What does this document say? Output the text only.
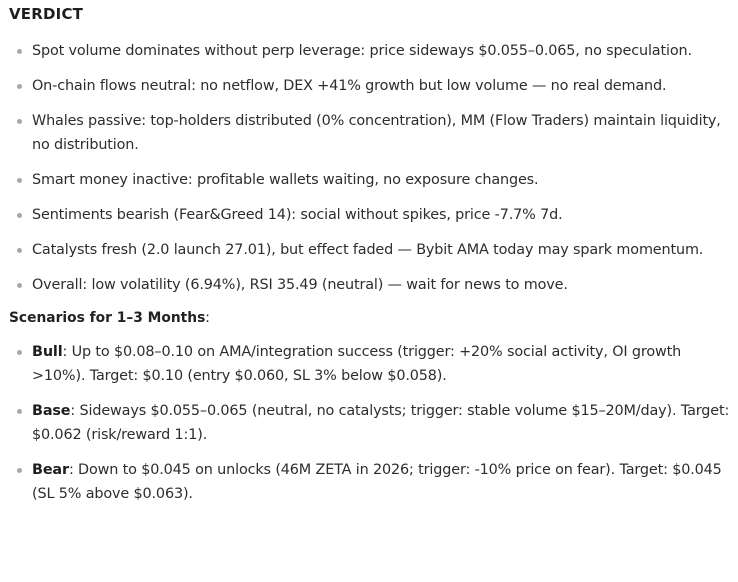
VERDICT
Spot volume dominates without perp leverage: price sideways $0.055–0.065, no speculation.
On-chain flows neutral: no netflow, DEX +41% growth but low volume — no real demand.
Whales passive: top-holders distributed (0% concentration), MM (Flow Traders) maintain liquidity, no distribution.
Smart money inactive: profitable wallets waiting, no exposure changes.
Sentiments bearish (Fear&Greed 14): social without spikes, price -7.7% 7d.
Catalysts fresh (2.0 launch 27.01), but effect faded — Bybit AMA today may spark momentum.
Overall: low volatility (6.94%), RSI 35.49 (neutral) — wait for news to move.
Scenarios for 1–3 Months:
Bull: Up to $0.08–0.10 on AMA/integration success (trigger: +20% social activity, OI growth >10%). Target: $0.10 (entry $0.060, SL 3% below $0.058).
Base: Sideways $0.055–0.065 (neutral, no catalysts; trigger: stable volume $15–20M/day). Target: $0.062 (risk/reward 1:1).
Bear: Down to $0.045 on unlocks (46M ZETA in 2026; trigger: -10% price on fear). Target: $0.045 (SL 5% above $0.063).
